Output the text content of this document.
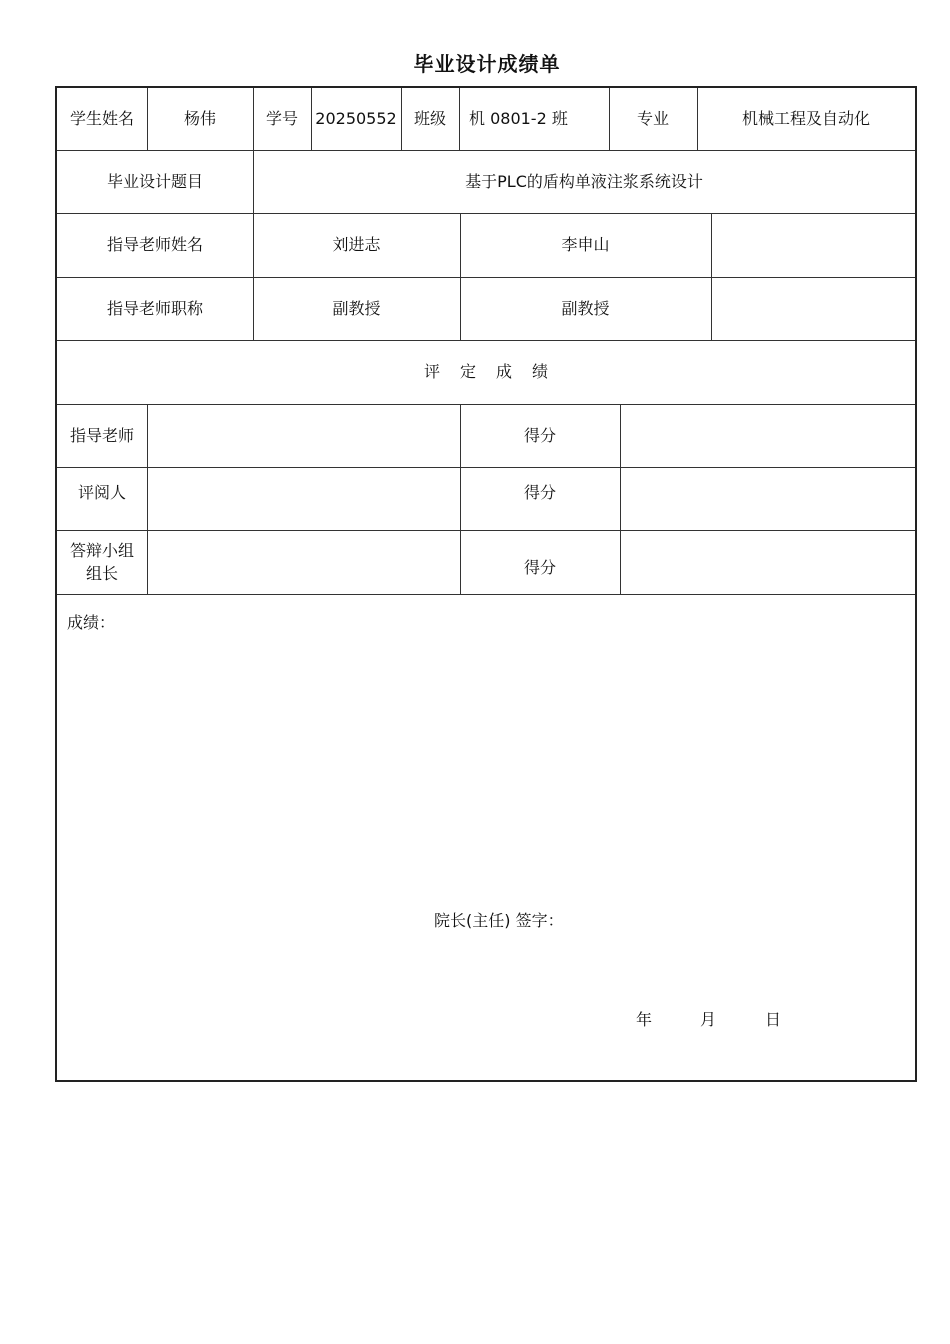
毕业设计成绩单
学生姓名	杨伟	学号	20250552	班级	机 0801-2 班	专业	机械工程及自动化
毕业设计题目	基于PLC的盾构单液注浆系统设计
指导老师姓名	刘进志	李申山
指导老师职称	副教授	副教授
评定成绩
指导老师	得分
评阅人	得分
答辩小组组长	得分
成绩：
院长(主任) 签字：
年	月	日
